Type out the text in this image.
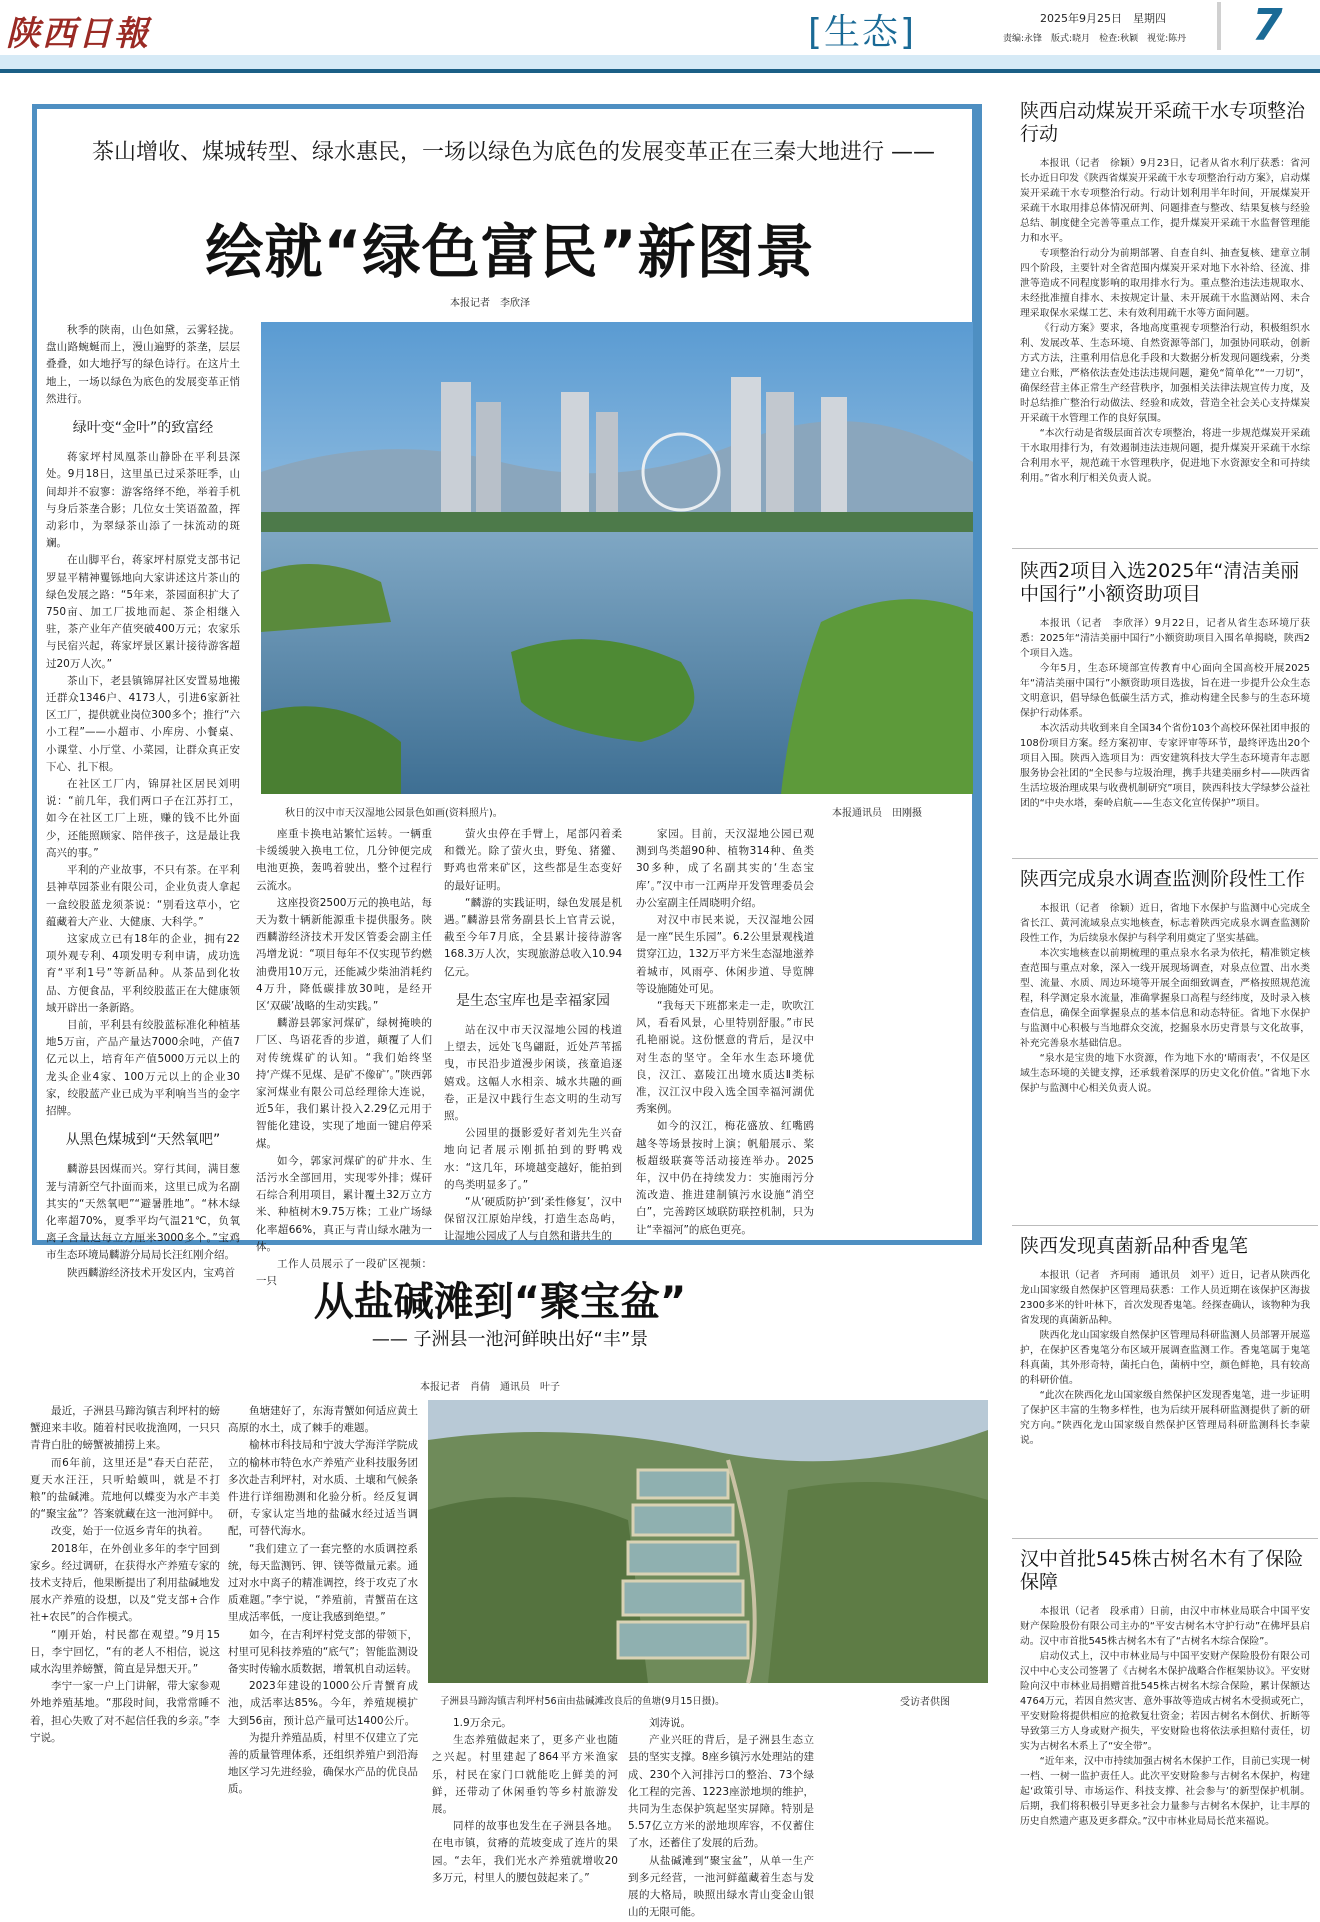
陕西日報	[生态]	2025年9月25日　星期四
责编:永锋　版式:晓月　检查:秋颖　视觉:陈丹 7
茶山增收、煤城转型、绿水惠民，一场以绿色为底色的发展变革正在三秦大地进行 ——
绘就“绿色富民”新图景
本报记者　李欣泽

秋季的陕南，山色如黛，云雾轻拢。盘山路蜿蜒而上，漫山遍野的茶垄，层层叠叠，如大地抒写的绿色诗行。在这片土地上，一场以绿色为底色的发展变革正悄然进行。

绿叶变“金叶”的致富经

蒋家坪村凤凰茶山静卧在平利县深处。9月18日，这里虽已过采茶旺季，山间却并不寂寥：游客络绎不绝，举着手机与身后茶垄合影；几位女士笑语盈盈，挥动彩巾，为翠绿茶山添了一抹流动的斑斓。

在山脚平台，蒋家坪村原党支部书记罗显平精神矍铄地向大家讲述这片茶山的绿色发展之路：“5年来，茶园面积扩大了750亩、加工厂拔地而起、茶企相继入驻，茶产业年产值突破400万元；农家乐与民宿兴起，蒋家坪景区累计接待游客超过20万人次。”

茶山下，老县镇锦屏社区安置易地搬迁群众1346户、4173人，引进6家新社区工厂，提供就业岗位300多个；推行“六小工程”——小超市、小库房、小餐桌、小课堂、小厅堂、小菜园，让群众真正安下心、扎下根。

在社区工厂内，锦屏社区居民刘明说：“前几年，我们两口子在江苏打工，如今在社区工厂上班，赚的钱不比外面少，还能照顾家、陪伴孩子，这是最让我高兴的事。”

平利的产业故事，不只有茶。在平利县神草园茶业有限公司，企业负责人拿起一盒绞股蓝龙须茶说：“别看这草小，它蕴藏着大产业、大健康、大科学。”

这家成立已有18年的企业，拥有22项外观专利、4项发明专利申请，成功选育“平利1号”等新品种。从茶品到化妆品、方便食品，平利绞股蓝正在大健康领域开辟出一条新路。

目前，平利县有绞股蓝标准化种植基地5万亩，产品产量达7000余吨，产值7亿元以上，培育年产值5000万元以上的龙头企业4家、100万元以上的企业30家，绞股蓝产业已成为平利响当当的金字招牌。

从黑色煤城到“天然氧吧”

麟游县因煤而兴。穿行其间，满目葱茏与清新空气扑面而来，这里已成为名副其实的“天然氧吧”“避暑胜地”。“林木绿化率超70%，夏季平均气温21℃，负氧离子含量达每立方厘米3000多个。”宝鸡市生态环境局麟游分局局长汪红刚介绍。

陕西麟游经济技术开发区内，宝鸡首

秋日的汉中市天汉湿地公园景色如画(资料照片)。	本报通讯员　田刚摄

座重卡换电站繁忙运转。一辆重卡缓缓驶入换电工位，几分钟便完成电池更换，轰鸣着驶出，整个过程行云流水。

这座投资2500万元的换电站，每天为数十辆新能源重卡提供服务。陕西麟游经济技术开发区管委会副主任冯增龙说：“项目每年不仅实现节约燃油费用10万元，还能减少柴油消耗约4万升，降低碳排放30吨，是经开区‘双碳’战略的生动实践。”

麟游县郭家河煤矿，绿树掩映的厂区、鸟语花香的步道，颠覆了人们对传统煤矿的认知。“我们始终坚持‘产煤不见煤、是矿不像矿’。”陕西郭家河煤业有限公司总经理徐大连说，近5年，我们累计投入2.29亿元用于智能化建设，实现了地面一键启停采煤。

如今，郭家河煤矿的矿井水、生活污水全部回用，实现零外排；煤矸石综合利用项目，累计覆土32万立方米、种植树木9.75万株；工业广场绿化率超66%，真正与青山绿水融为一体。

工作人员展示了一段矿区视频：一只

萤火虫停在手臂上，尾部闪着柔和微光。除了萤火虫，野兔、猪獾、野鸡也常来矿区，这些都是生态变好的最好证明。

“麟游的实践证明，绿色发展是机遇。”麟游县常务副县长上官青云说，截至今年7月底，全县累计接待游客168.3万人次，实现旅游总收入10.94亿元。

是生态宝库也是幸福家园

站在汉中市天汉湿地公园的栈道上望去，远处飞鸟翩跹，近处芦苇摇曳，市民沿步道漫步闲谈，孩童追逐嬉戏。这幅人水相亲、城水共融的画卷，正是汉中践行生态文明的生动写照。

公园里的摄影爱好者刘先生兴奋地向记者展示刚抓拍到的野鸭戏水：“这几年，环境越变越好，能拍到的鸟类明显多了。”

“从‘硬质防护’到‘柔性修复’，汉中保留汉江原始岸线，打造生态岛屿，让湿地公园成了人与自然和谐共生的

家园。目前，天汉湿地公园已观测到鸟类超90种、植物314种、鱼类30多种，成了名副其实的‘生态宝库’。”汉中市一江两岸开发管理委员会办公室副主任周晓明介绍。

对汉中市民来说，天汉湿地公园是一座“民生乐园”。6.2公里景观栈道贯穿江边，132万平方米生态湿地滋养着城市，风雨亭、休闲步道、导览牌等设施随处可见。

“我每天下班都来走一走，吹吹江风，看看风景，心里特别舒服。”市民孔艳丽说。这份惬意的背后，是汉中对生态的坚守。全年水生态环境优良，汉江、嘉陵江出境水质达Ⅱ类标准，汉江汉中段入选全国幸福河湖优秀案例。

如今的汉江，梅花盛放、红嘴鸥越冬等场景按时上演；帆船展示、桨板超级联赛等活动接连举办。2025年，汉中仍在持续发力：实施雨污分流改造、推进建制镇污水设施“消空白”，完善跨区域联防联控机制，只为让“幸福河”的底色更亮。

从盐碱滩到“聚宝盆”
—— 子洲县一池河鲜映出好“丰”景
本报记者　肖倩　通讯员　叶子

最近，子洲县马蹄沟镇吉利坪村的螃蟹迎来丰收。随着村民收拢渔网，一只只青背白肚的螃蟹被捕捞上来。

而6年前，这里还是“春天白茫茫，夏天水汪汪，只听蛤蟆叫，就是不打粮”的盐碱滩。荒地何以蝶变为水产丰美的“聚宝盆”？答案就藏在这一池河鲜中。

改变，始于一位返乡青年的执着。

2018年，在外创业多年的李宁回到家乡。经过调研，在获得水产养殖专家的技术支持后，他果断提出了利用盐碱地发展水产养殖的设想，以及“党支部+合作社+农民”的合作模式。

“刚开始，村民都在观望。”9月15日，李宁回忆，“有的老人不相信，说这咸水沟里养螃蟹，简直是异想天开。”

李宁一家一户上门讲解，带大家参观外地养殖基地。“那段时间，我常常睡不着，担心失败了对不起信任我的乡亲。”李宁说。

鱼塘建好了，东海青蟹如何适应黄土高原的水土，成了棘手的难题。

榆林市科技局和宁波大学海洋学院成立的榆林市特色水产养殖产业科技服务团多次赴吉利坪村，对水质、土壤和气候条件进行详细勘测和化验分析。经反复调研，专家认定当地的盐碱水经过适当调配，可替代海水。

“我们建立了一套完整的水质调控系统，每天监测钙、钾、镁等微量元素。通过对水中离子的精准调控，终于攻克了水质难题。”李宁说，“养殖前，青蟹苗在这里成活率低，一度让我感到绝望。”

如今，在吉利坪村党支部的带领下，村里可见科技养殖的“底气”；智能监测设备实时传输水质数据，增氧机自动运转。

2023年建设的1000公斤青蟹育成池，成活率达85%。今年，养殖规模扩大到56亩，预计总产量可达1400公斤。

为提升养殖品质，村里不仅建立了完善的质量管理体系，还组织养殖户到沿海地区学习先进经验，确保水产品的优良品质。

子洲县马蹄沟镇吉利坪村56亩由盐碱滩改良后的鱼塘(9月15日摄)。	受访者供图

1.9万余元。

生态养殖做起来了，更多产业也随之兴起。村里建起了864平方米渔家乐，村民在家门口就能吃上鲜美的河鲜，还带动了休闲垂钓等乡村旅游发展。

同样的故事也发生在子洲县各地。在电市镇，贫瘠的荒坡变成了连片的果园。“去年，我们光水产养殖就增收20多万元，村里人的腰包鼓起来了。”

刘涛说。

产业兴旺的背后，是子洲县生态立县的坚实支撑。8座乡镇污水处理站的建成、230个入河排污口的整治、73个绿化工程的完善、1223座淤地坝的维护，共同为生态保护筑起坚实屏障。特别是5.57亿立方米的淤地坝库容，不仅蓄住了水，还蓄住了发展的后劲。

从盐碱滩到“聚宝盆”，从单一生产到多元经营，一池河鲜蕴藏着生态与发展的大格局，映照出绿水青山变金山银山的无限可能。

陕西启动煤炭开采疏干水专项整治行动

本报讯（记者　徐颖）9月23日，记者从省水利厅获悉：省河长办近日印发《陕西省煤炭开采疏干水专项整治行动方案》，启动煤炭开采疏干水专项整治行动。行动计划利用半年时间，开展煤炭开采疏干水取用排总体情况研判、问题排查与整改、结果复核与经验总结、制度健全完善等重点工作，提升煤炭开采疏干水监督管理能力和水平。

专项整治行动分为前期部署、自查自纠、抽查复核、建章立制四个阶段，主要针对全省范围内煤炭开采对地下水补给、径流、排泄等造成不同程度影响的取用排水行为。重点整治违法违规取水、未经批准擅自排水、未按规定计量、未开展疏干水监测站网、未合理采取保水采煤工艺、未有效利用疏干水等方面问题。

《行动方案》要求，各地高度重视专项整治行动，积极组织水利、发展改革、生态环境、自然资源等部门，加强协同联动，创新方式方法，注重利用信息化手段和大数据分析发现问题线索，分类建立台账，严格依法查处违法违规问题，避免“简单化”“一刀切”，确保经营主体正常生产经营秩序，加强相关法律法规宣传力度，及时总结推广整治行动做法、经验和成效，营造全社会关心支持煤炭开采疏干水管理工作的良好氛围。

“本次行动是省级层面首次专项整治，将进一步规范煤炭开采疏干水取用排行为，有效遏制违法违规问题，提升煤炭开采疏干水综合利用水平，规范疏干水管理秩序，促进地下水资源安全和可持续利用。”省水利厅相关负责人说。

陕西2项目入选2025年“清洁美丽中国行”小额资助项目

本报讯（记者　李欣泽）9月22日，记者从省生态环境厅获悉：2025年“清洁美丽中国行”小额资助项目入围名单揭晓，陕西2个项目入选。

今年5月，生态环境部宣传教育中心面向全国高校开展2025年“清洁美丽中国行”小额资助项目选拔，旨在进一步提升公众生态文明意识，倡导绿色低碳生活方式，推动构建全民参与的生态环境保护行动体系。

本次活动共收到来自全国34个省份103个高校环保社团申报的108份项目方案。经方案初审、专家评审等环节，最终评选出20个项目入围。陕西入选项目为：西安建筑科技大学生态环境青年志愿服务协会社团的“全民参与垃圾治理，携手共建美丽乡村——陕西省生活垃圾治理成果与收费机制研究”项目，陕西科技大学绿梦公益社团的“中央水塔，秦岭启航——生态文化宣传保护”项目。

陕西完成泉水调查监测阶段性工作

本报讯（记者　徐颖）近日，省地下水保护与监测中心完成全省长江、黄河流域泉点实地核查，标志着陕西完成泉水调查监测阶段性工作，为后续泉水保护与科学利用奠定了坚实基础。

本次实地核查以前期梳理的重点泉水名录为依托，精准锁定核查范围与重点对象，深入一线开展现场调查，对泉点位置、出水类型、流量、水质、周边环境等开展全面细致调查，严格按照规范流程，科学测定泉水流量，准确掌握泉口高程与经纬度，及时录入核查信息，确保全面掌握泉点的基本信息和动态特征。省地下水保护与监测中心积极与当地群众交流，挖掘泉水历史背景与文化故事，补充完善泉水基础信息。

“泉水是宝贵的地下水资源，作为地下水的‘晴雨表’，不仅是区域生态环境的关键支撑，还承载着深厚的历史文化价值。”省地下水保护与监测中心相关负责人说。

陕西发现真菌新品种香鬼笔

本报讯（记者　齐珂雨　通讯员　刘平）近日，记者从陕西化龙山国家级自然保护区管理局获悉：工作人员近期在该保护区海拔2300多米的针叶林下，首次发现香鬼笔。经探查确认，该物种为我省发现的真菌新品种。

陕西化龙山国家级自然保护区管理局科研监测人员部署开展巡护，在保护区香鬼笔分布区域开展调查监测工作。香鬼笔属于鬼笔科真菌，其外形奇特，菌托白色，菌柄中空，颜色鲜艳，具有较高的科研价值。

“此次在陕西化龙山国家级自然保护区发现香鬼笔，进一步证明了保护区丰富的生物多样性，也为后续开展科研监测提供了新的研究方向。”陕西化龙山国家级自然保护区管理局科研监测科长李蒙说。

汉中首批545株古树名木有了保险保障

本报讯（记者　段承甫）日前，由汉中市林业局联合中国平安财产保险股份有限公司主办的“平安古树名木守护行动”在佛坪县启动。汉中市首批545株古树名木有了“古树名木综合保险”。

启动仪式上，汉中市林业局与中国平安财产保险股份有限公司汉中中心支公司签署了《古树名木保护战略合作框架协议》。平安财险向汉中市林业局捐赠首批545株古树名木综合保险，累计保额达4764万元，若因自然灾害、意外事故等造成古树名木受损或死亡，平安财险将提供相应的抢救复壮资金；若因古树名木倒伏、折断等导致第三方人身或财产损失，平安财险也将依法承担赔付责任，切实为古树名木系上了“安全带”。

“近年来，汉中市持续加强古树名木保护工作，目前已实现一树一档、一树一监护责任人。此次平安财险参与古树名木保护，构建起‘政策引导、市场运作、科技支撑、社会参与’的新型保护机制。后期，我们将积极引导更多社会力量参与古树名木保护，让丰厚的历史自然遗产惠及更多群众。”汉中市林业局局长范来福说。
